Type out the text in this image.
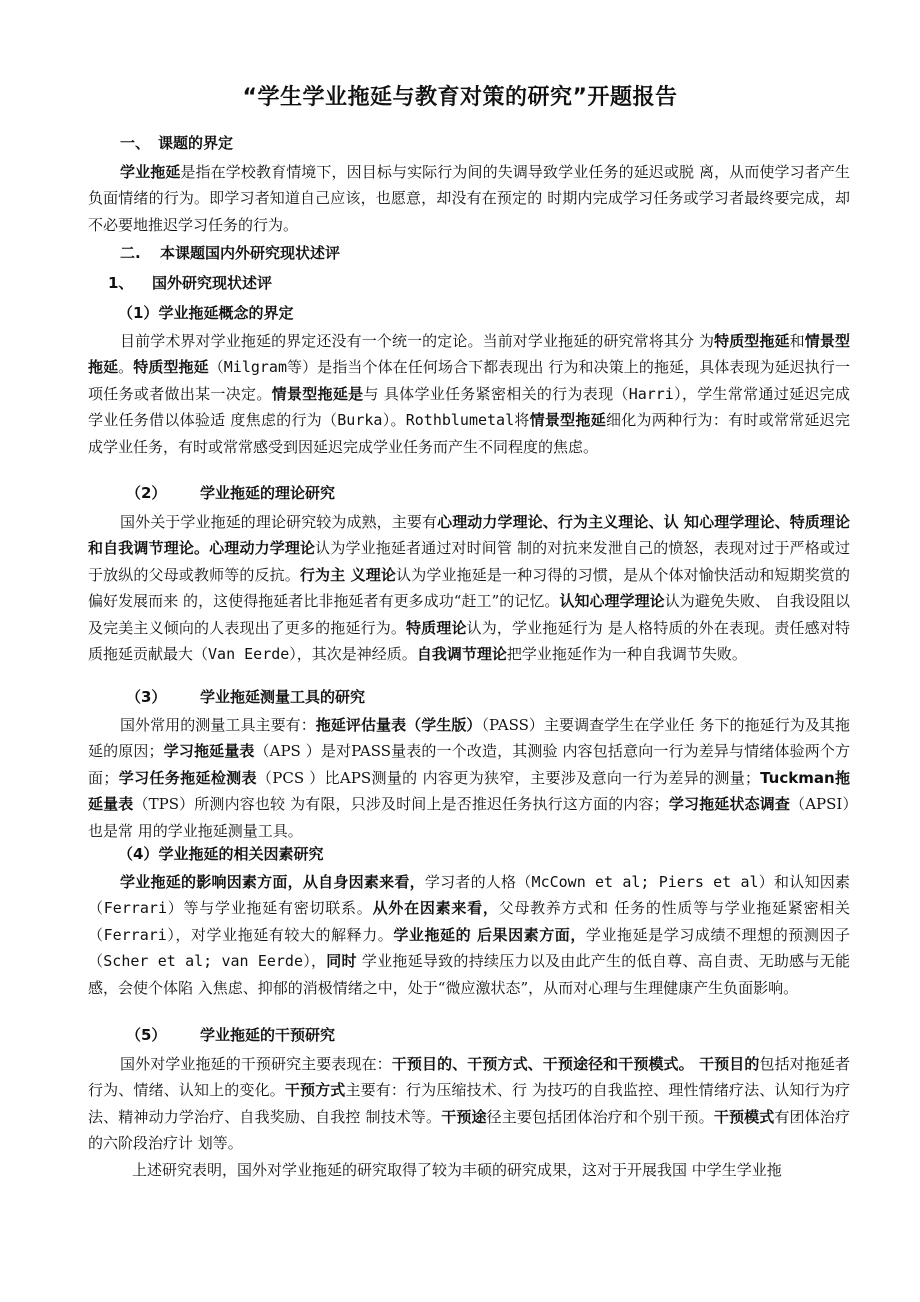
“学生学业拖延与教育对策的研究”开题报告
一、 课题的界定
学业拖延是指在学校教育情境下，因目标与实际行为间的失调导致学业任务的延迟或脱 离，从而使学习者产生负面情绪的行为。即学习者知道自己应该，也愿意，却没有在预定的 时期内完成学习任务或学习者最终要完成，却不必要地推迟学习任务的行为。
二. 本课题国内外研究现状述评
1、 国外研究现状述评
（1）学业拖延概念的界定
目前学术界对学业拖延的界定还没有一个统一的定论。当前对学业拖延的研究常将其分 为特质型拖延和情景型拖延。特质型拖延（Milgram等）是指当个体在任何场合下都表现出 行为和决策上的拖延，具体表现为延迟执行一项任务或者做出某一决定。情景型拖延是与 具体学业任务紧密相关的行为表现（Harri），学生常常通过延迟完成学业任务借以体验适 度焦虑的行为（Burka）。Rothblumetal将情景型拖延细化为两种行为：有时或常常延迟完 成学业任务，有时或常常感受到因延迟完成学业任务而产生不同程度的焦虑。
（2） 学业拖延的理论研究
国外关于学业拖延的理论研究较为成熟，主要有心理动力学理论、行为主义理论、认 知心理学理论、特质理论和自我调节理论。心理动力学理论认为学业拖延者通过对时间管 制的对抗来发泄自己的愤怒，表现对过于严格或过于放纵的父母或教师等的反抗。行为主 义理论认为学业拖延是一种习得的习惯，是从个体对愉快活动和短期奖赏的偏好发展而来 的，这使得拖延者比非拖延者有更多成功“赶工”的记忆。认知心理学理论认为避免失败、 自我设阻以及完美主义倾向的人表现出了更多的拖延行为。特质理论认为，学业拖延行为 是人格特质的外在表现。责任感对特质拖延贡献最大（Van Eerde），其次是神经质。自我调节理论把学业拖延作为一种自我调节失败。
（3） 学业拖延测量工具的研究
国外常用的测量工具主要有：拖延评估量表（学生版）（PASS）主要调查学生在学业任 务下的拖延行为及其拖延的原因；学习拖延量表（APS ）是对PASS量表的一个改造，其测验 内容包括意向一行为差异与情绪体验两个方面；学习任务拖延检测表（PCS ）比APS测量的 内容更为狭窄，主要涉及意向一行为差异的测量；Tuckman拖延量表（TPS）所测内容也较 为有限，只涉及时间上是否推迟任务执行这方面的内容；学习拖延状态调查（APSI）也是常 用的学业拖延测量工具。
（4）学业拖延的相关因素研究
学业拖延的影响因素方面，从自身因素来看，学习者的人格（McCown et al; Piers et al）和认知因素（Ferrari）等与学业拖延有密切联系。从外在因素来看，父母教养方式和 任务的性质等与学业拖延紧密相关（Ferrari），对学业拖延有较大的解释力。学业拖延的 后果因素方面，学业拖延是学习成绩不理想的预测因子（Scher et al; van Eerde），同时 学业拖延导致的持续压力以及由此产生的低自尊、高自责、无助感与无能感，会使个体陷 入焦虑、抑郁的消极情绪之中，处于“微应激状态”，从而对心理与生理健康产生负面影响。
（5） 学业拖延的干预研究
国外对学业拖延的干预研究主要表现在：干预目的、干预方式、干预途径和干预模式。 干预目的包括对拖延者行为、情绪、认知上的变化。干预方式主要有：行为压缩技术、行 为技巧的自我监控、理性情绪疗法、认知行为疗法、精神动力学治疗、自我奖励、自我控 制技术等。干预途径主要包括团体治疗和个别干预。干预模式有团体治疗的六阶段治疗计 划等。
上述研究表明，国外对学业拖延的研究取得了较为丰硕的研究成果，这对于开展我国 中学生学业拖
